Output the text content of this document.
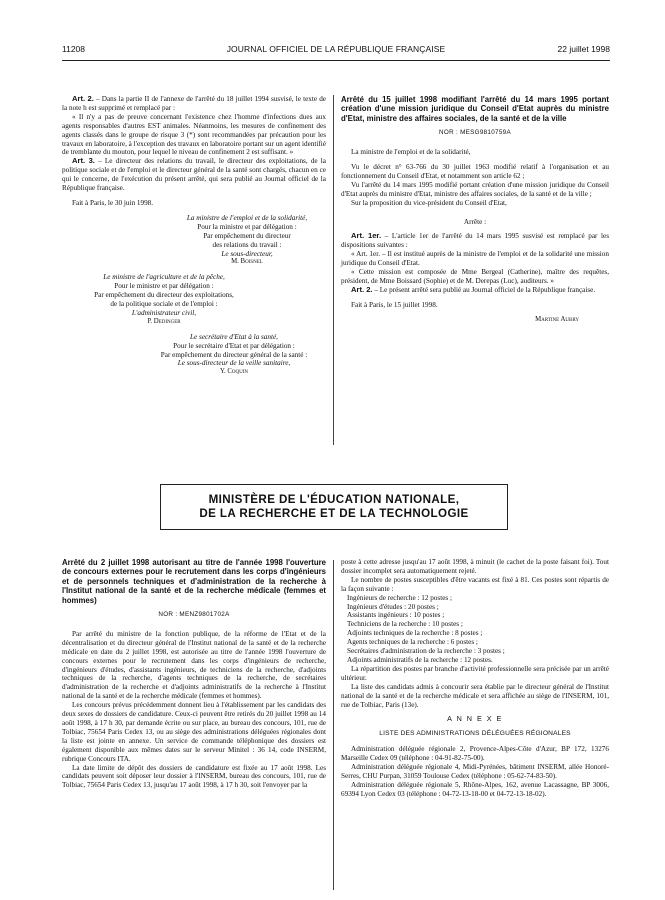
11208	JOURNAL OFFICIEL DE LA RÉPUBLIQUE FRANÇAISE	22 juillet 1998

Art. 2. – Dans la partie II de l'annexe de l'arrêté du 18 juillet 1994 susvisé, le texte de la note h est supprimé et remplacé par :

« Il n'y a pas de preuve concernant l'existence chez l'homme d'infections dues aux agents responsables d'autres EST animales. Néanmoins, les mesures de confinement des agents classés dans le groupe de risque 3 (*) sont recommandées par précaution pour les travaux en laboratoire, à l'exception des travaux en laboratoire portant sur un agent identifié de tremblante du mouton, pour lequel le niveau de confinement 2 est suffisant. »

Art. 3. – Le directeur des relations du travail, le directeur des exploitations, de la politique sociale et de l'emploi et le directeur général de la santé sont chargés, chacun en ce qui le concerne, de l'exécution du présent arrêté, qui sera publié au Journal officiel de la République française.

Fait à Paris, le 30 juin 1998.

La ministre de l'emploi et de la solidarité,

Pour la ministre et par délégation :

Par empêchement du directeur

des relations du travail :

Le sous-directeur,

M. Boisnel

Le ministre de l'agriculture et de la pêche,

Pour le ministre et par délégation :

Par empêchement du directeur des exploitations,

de la politique sociale et de l'emploi :

L'administrateur civil,

P. Dedinger

Le secrétaire d'Etat à la santé,

Pour le secrétaire d'Etat et par délégation :

Par empêchement du directeur général de la santé :

Le sous-directeur de la veille sanitaire,

Y. Coquin

Arrêté du 15 juillet 1998 modifiant l'arrêté du 14 mars 1995 portant création d'une mission juridique du Conseil d'Etat auprès du ministre d'Etat, ministre des affaires sociales, de la santé et de la ville

NOR : MESG9810759A

La ministre de l'emploi et de la solidarité,

Vu le décret n° 63-766 du 30 juillet 1963 modifié relatif à l'organisation et au fonctionnement du Conseil d'Etat, et notamment son article 62 ;

Vu l'arrêté du 14 mars 1995 modifié portant création d'une mission juridique du Conseil d'Etat auprès du ministre d'Etat, ministre des affaires sociales, de la santé et de la ville ;

Sur la proposition du vice-président du Conseil d'Etat,

Arrête :

Art. 1er. – L'article 1er de l'arrêté du 14 mars 1995 susvisé est remplacé par les dispositions suivantes :

« Art. 1er. – Il est institué auprès de la ministre de l'emploi et de la solidarité une mission juridique du Conseil d'Etat.

« Cette mission est composée de Mme Bergeal (Catherine), maître des requêtes, président, de Mme Boissard (Sophie) et de M. Derepas (Luc), auditeurs. »

Art. 2. – Le présent arrêté sera publié au Journal officiel de la République française.

Fait à Paris, le 15 juillet 1998.

Martine Aubry

MINISTÈRE DE L'ÉDUCATION NATIONALE,
DE LA RECHERCHE ET DE LA TECHNOLOGIE

Arrêté du 2 juillet 1998 autorisant au titre de l'année 1998 l'ouverture de concours externes pour le recrutement dans les corps d'ingénieurs et de personnels techniques et d'administration de la recherche à l'Institut national de la santé et de la recherche médicale (femmes et hommes)

NOR : MENZ9801702A

Par arrêté du ministre de la fonction publique, de la réforme de l'Etat et de la décentralisation et du directeur général de l'Institut national de la santé et de la recherche médicale en date du 2 juillet 1998, est autorisée au titre de l'année 1998 l'ouverture de concours externes pour le recrutement dans les corps d'ingénieurs de recherche, d'ingénieurs d'études, d'assistants ingénieurs, de techniciens de la recherche, d'adjoints techniques de la recherche, d'agents techniques de la recherche, de secrétaires d'administration de la recherche et d'adjoints administratifs de la recherche à l'Institut national de la santé et de la recherche médicale (femmes et hommes).

Les concours prévus précédemment donnent lieu à l'établissement par les candidats des deux sexes de dossiers de candidature. Ceux-ci peuvent être retirés du 20 juillet 1998 au 14 août 1998, à 17 h 30, par demande écrite ou sur place, au bureau des concours, 101, rue de Tolbiac, 75654 Paris Cedex 13, ou au siège des administrations déléguées régionales dont la liste est jointe en annexe. Un service de commande téléphonique des dossiers est également disponible aux mêmes dates sur le serveur Minitel : 36 14, code INSERM, rubrique Concours ITA.

La date limite de dépôt des dossiers de candidature est fixée au 17 août 1998. Les candidats peuvent soit déposer leur dossier à l'INSERM, bureau des concours, 101, rue de Tolbiac, 75654 Paris Cedex 13, jusqu'au 17 août 1998, à 17 h 30, soit l'envoyer par la

poste à cette adresse jusqu'au 17 août 1998, à minuit (le cachet de la poste faisant foi). Tout dossier incomplet sera automatiquement rejeté.

Le nombre de postes susceptibles d'être vacants est fixé à 81. Ces postes sont répartis de la façon suivante :

Ingénieurs de recherche : 12 postes ;
Ingénieurs d'études : 20 postes ;
Assistants ingénieurs : 10 postes ;
Techniciens de la recherche : 10 postes ;
Adjoints techniques de la recherche : 8 postes ;
Agents techniques de la recherche : 6 postes ;
Secrétaires d'administration de la recherche : 3 postes ;
Adjoints administratifs de la recherche : 12 postes.

La répartition des postes par branche d'activité professionnelle sera précisée par un arrêté ultérieur.

La liste des candidats admis à concourir sera établie par le directeur général de l'Institut national de la santé et de la recherche médicale et sera affichée au siège de l'INSERM, 101, rue de Tolbiac, Paris (13e).

A N N E X E

LISTE DES ADMINISTRATIONS DÉLÉGUÉES RÉGIONALES

Administration déléguée régionale 2, Provence-Alpes-Côte d'Azur, BP 172, 13276 Marseille Cedex 09 (téléphone : 04-91-82-75-00).

Administration déléguée régionale 4, Midi-Pyrénées, bâtiment INSERM, allée Honoré-Serres, CHU Purpan, 31059 Toulouse Cedex (téléphone : 05-62-74-83-50).

Administration déléguée régionale 5, Rhône-Alpes, 162, avenue Lacassagne, BP 3006, 69394 Lyon Cedex 03 (téléphone : 04-72-13-18-00 et 04-72-13-18-02).
